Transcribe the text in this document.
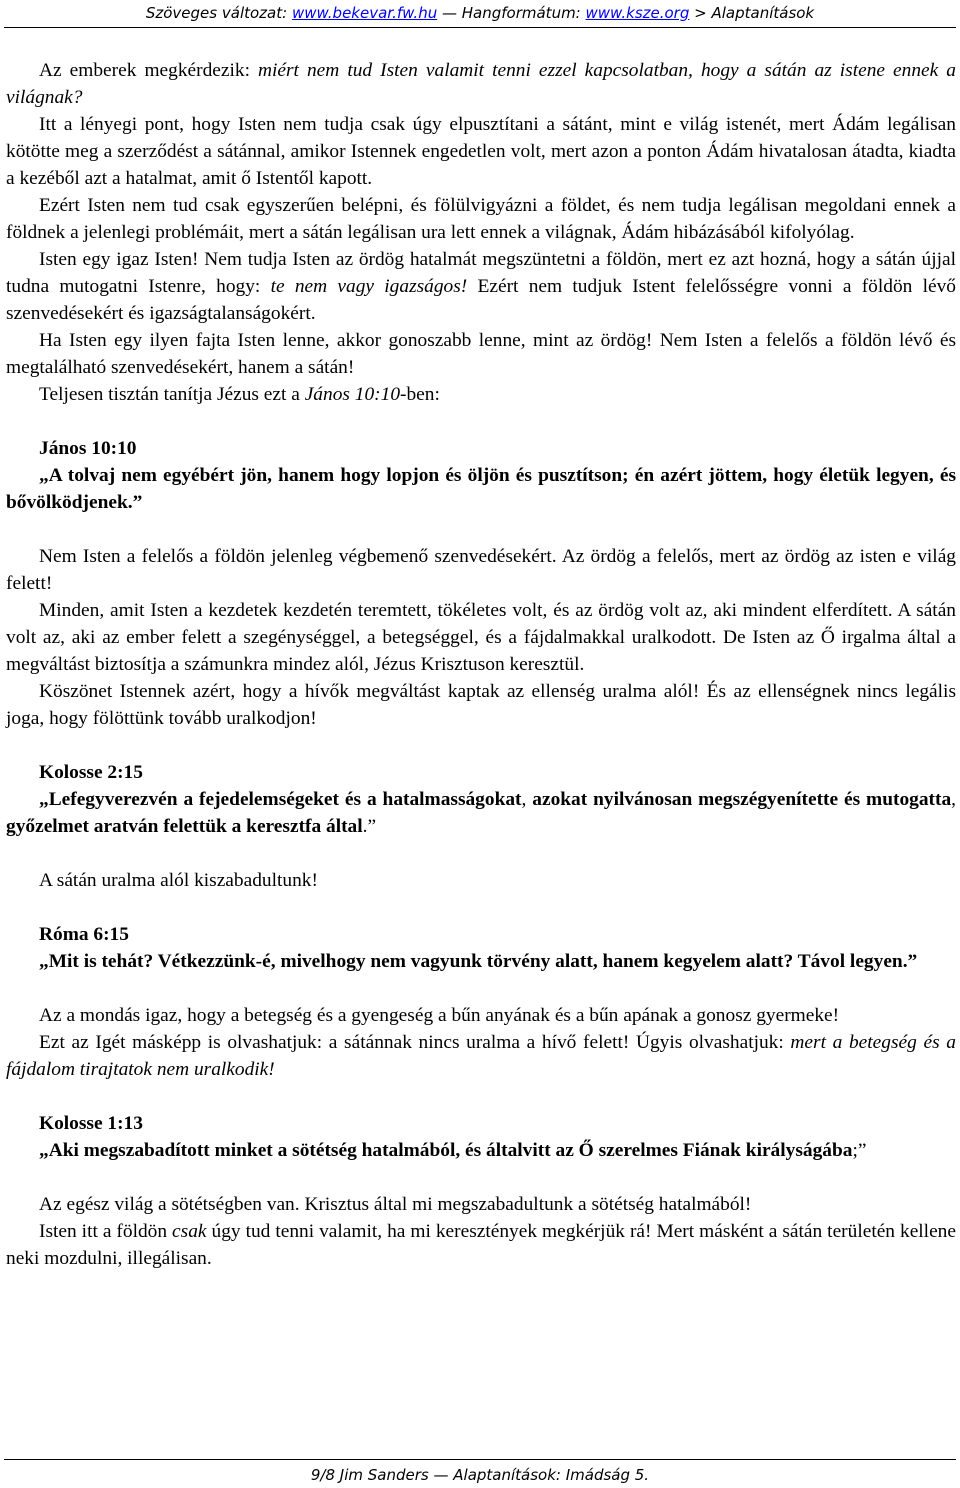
Szöveges változat: www.bekevar.fw.hu — Hangformátum: www.ksze.org > Alaptanítások

Az emberek megkérdezik: miért nem tud Isten valamit tenni ezzel kapcsolatban, hogy a sátán az istene ennek a világnak?

Itt a lényegi pont, hogy Isten nem tudja csak úgy elpusztítani a sátánt, mint e világ istenét, mert Ádám legálisan kötötte meg a szerződést a sátánnal, amikor Istennek engedetlen volt, mert azon a ponton Ádám hivatalosan átadta, kiadta a kezéből azt a hatalmat, amit ő Istentől kapott.

Ezért Isten nem tud csak egyszerűen belépni, és fölülvigyázni a földet, és nem tudja legálisan megoldani ennek a földnek a jelenlegi problémáit, mert a sátán legálisan ura lett ennek a világnak, Ádám hibázásából kifolyólag.

Isten egy igaz Isten! Nem tudja Isten az ördög hatalmát megszüntetni a földön, mert ez azt hozná, hogy a sátán újjal tudna mutogatni Istenre, hogy: te nem vagy igazságos! Ezért nem tudjuk Istent felelősségre vonni a földön lévő szenvedésekért és igazságtalanságokért.

Ha Isten egy ilyen fajta Isten lenne, akkor gonoszabb lenne, mint az ördög! Nem Isten a felelős a földön lévő és megtalálható szenvedésekért, hanem a sátán!

Teljesen tisztán tanítja Jézus ezt a János 10:10-ben:

János 10:10

„A tolvaj nem egyébért jön, hanem hogy lopjon és öljön és pusztítson; én azért jöttem, hogy életük legyen, és bővölködjenek.”

Nem Isten a felelős a földön jelenleg végbemenő szenvedésekért. Az ördög a felelős, mert az ördög az isten e világ felett!

Minden, amit Isten a kezdetek kezdetén teremtett, tökéletes volt, és az ördög volt az, aki mindent elferdített. A sátán volt az, aki az ember felett a szegénységgel, a betegséggel, és a fájdalmakkal uralkodott. De Isten az Ő irgalma által a megváltást biztosítja a számunkra mindez alól, Jézus Krisztuson keresztül.

Köszönet Istennek azért, hogy a hívők megváltást kaptak az ellenség uralma alól! És az ellenségnek nincs legális joga, hogy fölöttünk tovább uralkodjon!

Kolosse 2:15

„Lefegyverezvén a fejedelemségeket és a hatalmasságokat, azokat nyilvánosan megszégyenítette és mutogatta, győzelmet aratván felettük a keresztfa által.”

A sátán uralma alól kiszabadultunk!

Róma 6:15

„Mit is tehát? Vétkezzünk-é, mivelhogy nem vagyunk törvény alatt, hanem kegyelem alatt? Távol legyen.”

Az a mondás igaz, hogy a betegség és a gyengeség a bűn anyának és a bűn apának a gonosz gyermeke!

Ezt az Igét másképp is olvashatjuk: a sátánnak nincs uralma a hívő felett! Úgyis olvashatjuk: mert a betegség és a fájdalom tirajtatok nem uralkodik!

Kolosse 1:13

„Aki megszabadított minket a sötétség hatalmából, és általvitt az Ő szerelmes Fiának királyságába;”

Az egész világ a sötétségben van. Krisztus által mi megszabadultunk a sötétség hatalmából!

Isten itt a földön csak úgy tud tenni valamit, ha mi keresztények megkérjük rá! Mert másként a sátán területén kellene neki mozdulni, illegálisan.

9/8 Jim Sanders — Alaptanítások: Imádság 5.
